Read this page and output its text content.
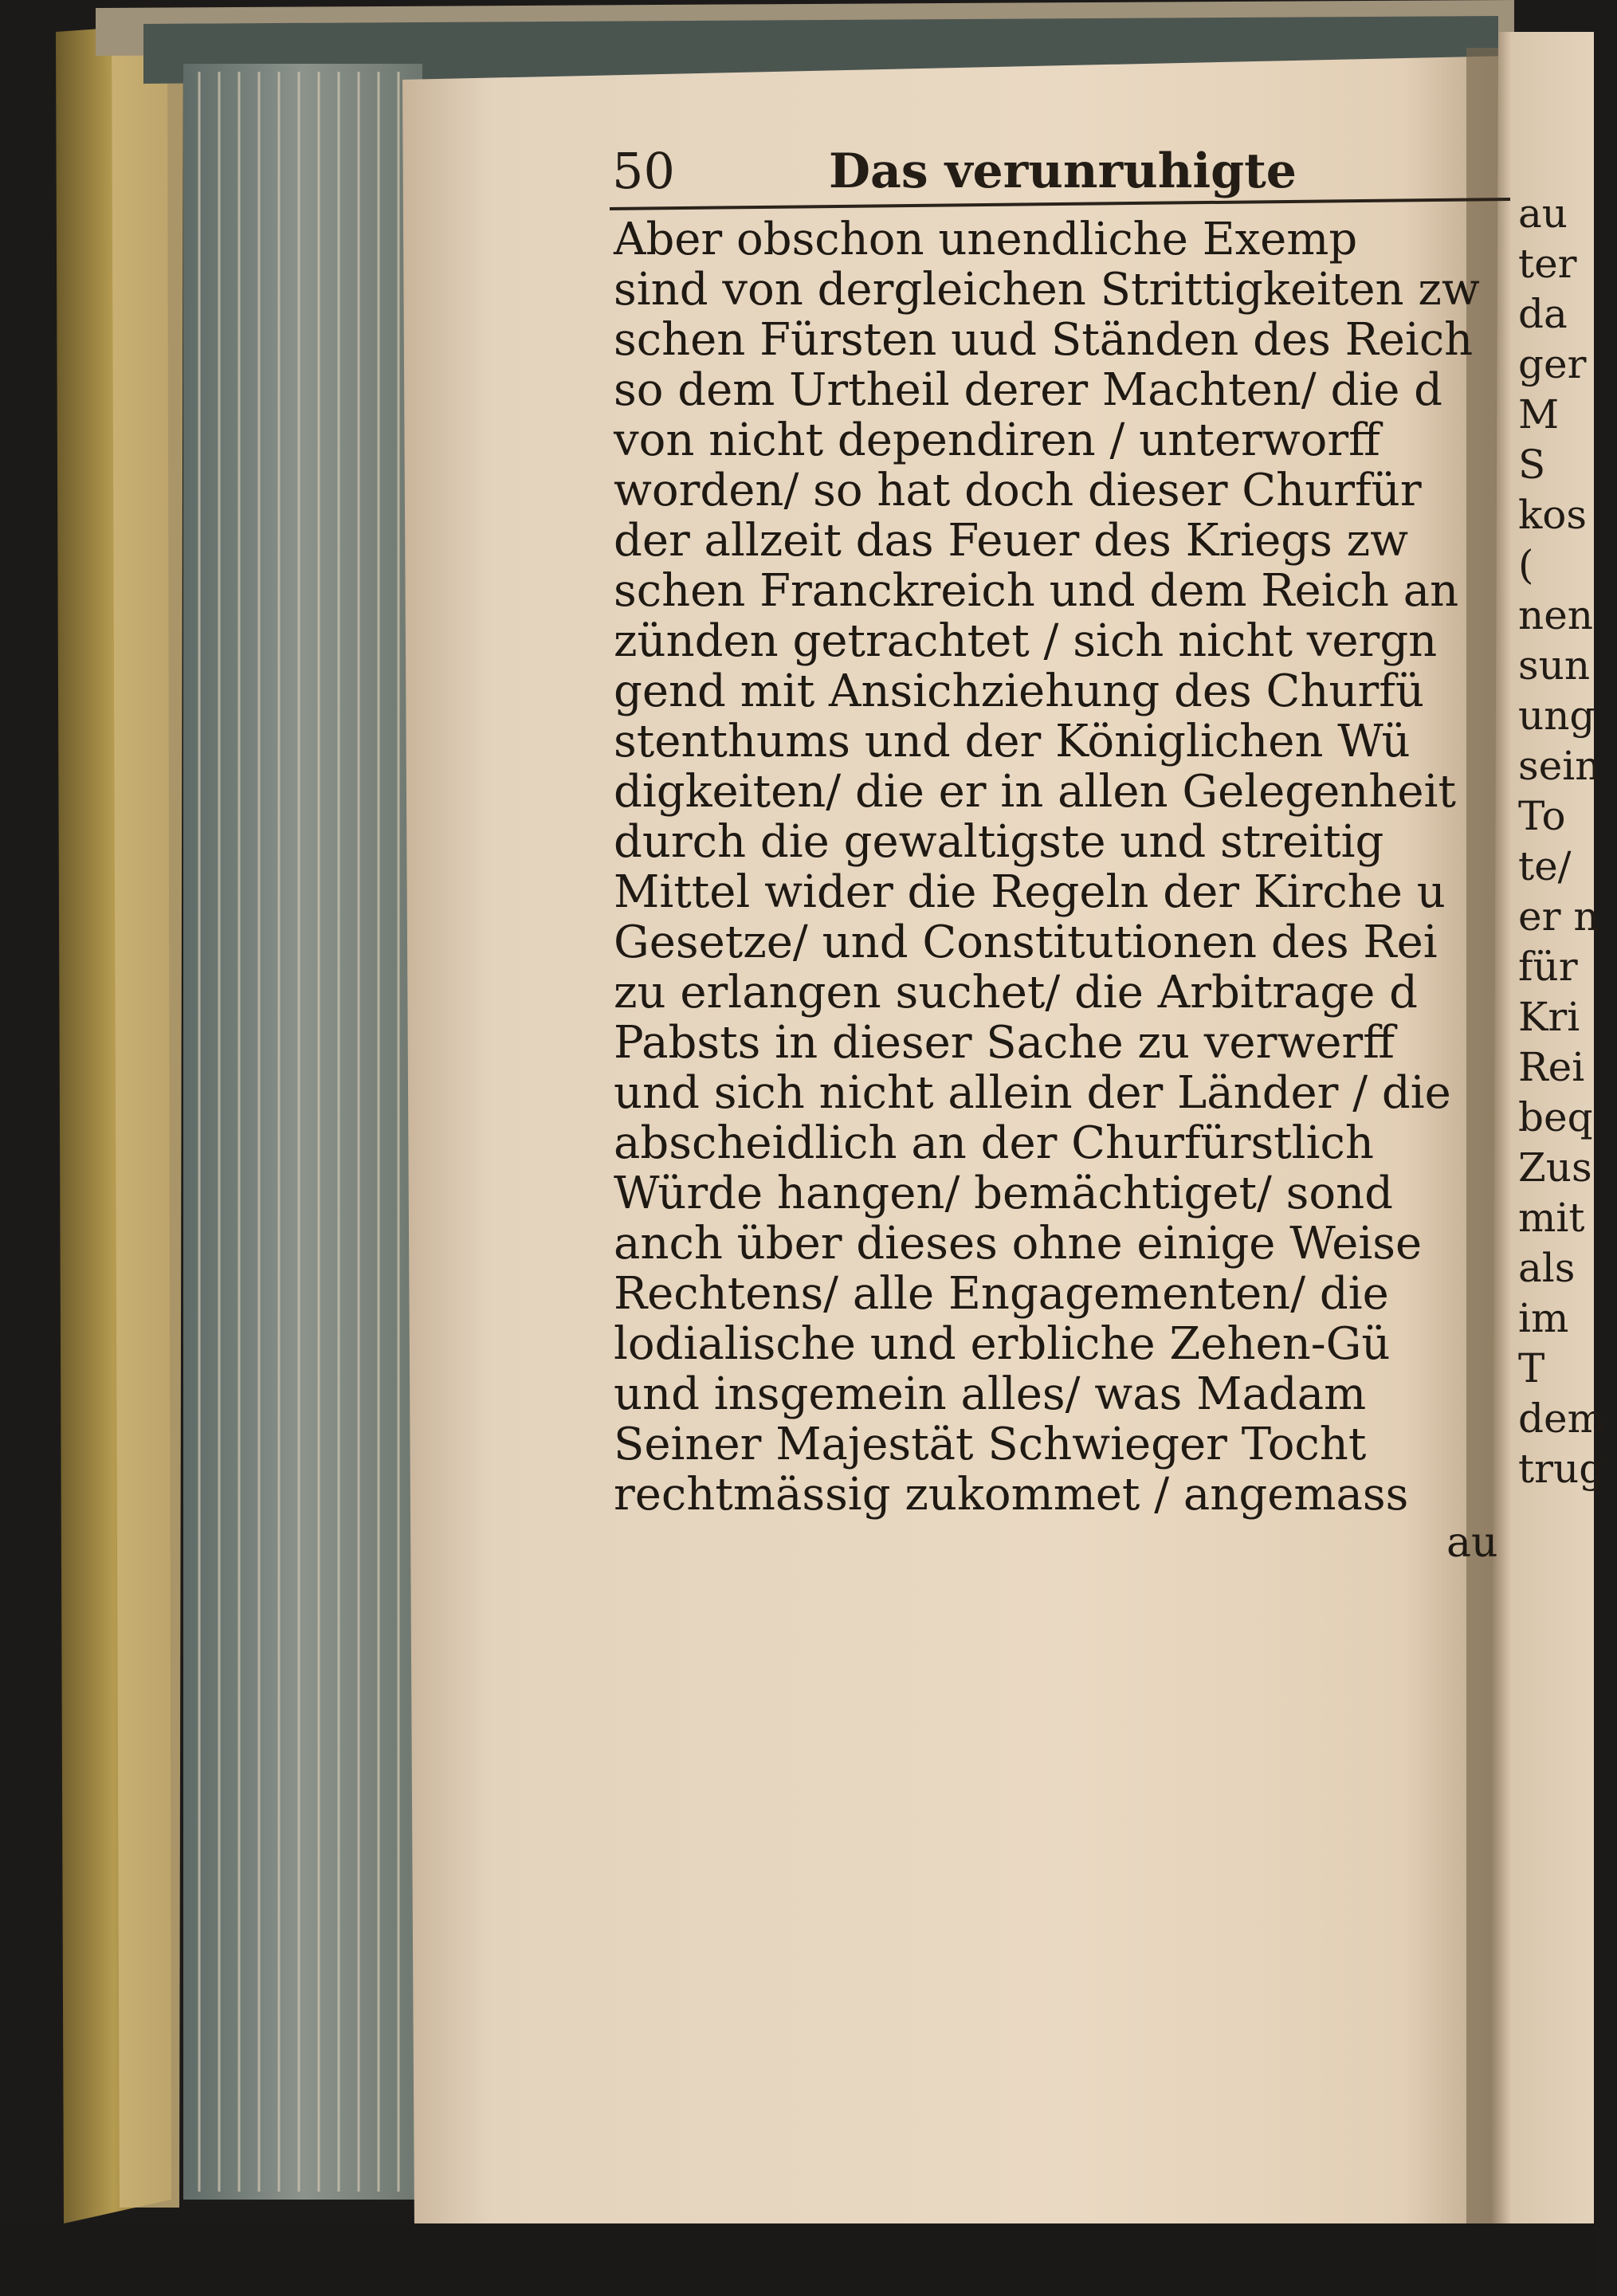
50	Das verunruhigte

Aber obschon unendliche Exemp

sind von dergleichen Strittigkeiten zw

schen Fürsten uud Ständen des Reich

so dem Urtheil derer Machten/ die d

von nicht dependiren / unterworff

worden/ so hat doch dieser Churfür

der allzeit das Feuer des Kriegs zw

schen Franckreich und dem Reich an

zünden getrachtet / sich nicht vergn

gend mit Ansichziehung des Churfü

stenthums und der Königlichen Wü

digkeiten/ die er in allen Gelegenheit

durch die gewaltigste und streitig

Mittel wider die Regeln der Kirche u

Gesetze/ und Constitutionen des Rei

zu erlangen suchet/ die Arbitrage d

Pabsts in dieser Sache zu verwerff

und sich nicht allein der Länder / die

abscheidlich an der Churfürstlich

Würde hangen/ bemächtiget/ sond

anch über dieses ohne einige Weise

Rechtens/ alle Engagementen/ die

lodialische und erbliche Zehen-Gü

und insgemein alles/ was Madam

Seiner Majestät Schwieger Tocht

rechtmässig zukommet / angemass

au

au

ter

da

ger

M

S

kos

(

nen

sun

ung

sein

To

te/

er n

für

Kri

Rei

beq

Zus

mit

als

im

T

dem

trug
